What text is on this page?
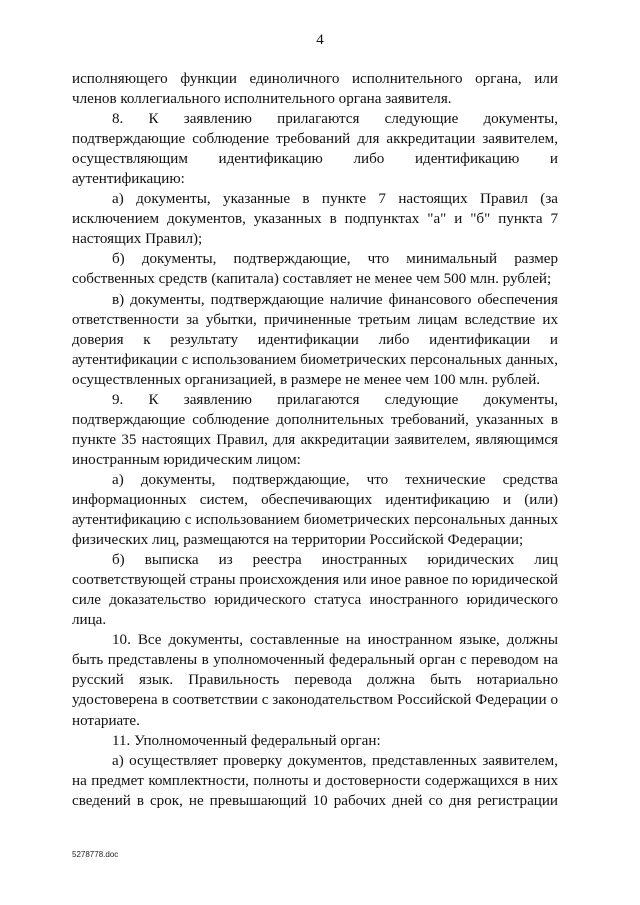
4

исполняющего функции единоличного исполнительного органа, или членов коллегиального исполнительного органа заявителя.

8. К заявлению прилагаются следующие документы, подтверждающие соблюдение требований для аккредитации заявителем, осуществляющим идентификацию либо идентификацию и аутентификацию:

а) документы, указанные в пункте 7 настоящих Правил (за исключением документов, указанных в подпунктах "а" и "б" пункта 7 настоящих Правил);

б) документы, подтверждающие, что минимальный размер собственных средств (капитала) составляет не менее чем 500 млн. рублей;

в) документы, подтверждающие наличие финансового обеспечения ответственности за убытки, причиненные третьим лицам вследствие их доверия к результату идентификации либо идентификации и аутентификации с использованием биометрических персональных данных, осуществленных организацией, в размере не менее чем 100 млн. рублей.

9. К заявлению прилагаются следующие документы, подтверждающие соблюдение дополнительных требований, указанных в пункте 35 настоящих Правил, для аккредитации заявителем, являющимся иностранным юридическим лицом:

а) документы, подтверждающие, что технические средства информационных систем, обеспечивающих идентификацию и (или) аутентификацию с использованием биометрических персональных данных физических лиц, размещаются на территории Российской Федерации;

б) выписка из реестра иностранных юридических лиц соответствующей страны происхождения или иное равное по юридической силе доказательство юридического статуса иностранного юридического лица.

10. Все документы, составленные на иностранном языке, должны быть представлены в уполномоченный федеральный орган с переводом на русский язык. Правильность перевода должна быть нотариально удостоверена в соответствии с законодательством Российской Федерации о нотариате.

11. Уполномоченный федеральный орган:

а) осуществляет проверку документов, представленных заявителем, на предмет комплектности, полноты и достоверности содержащихся в них сведений в срок, не превышающий 10 рабочих дней со дня регистрации

5278778.doc
